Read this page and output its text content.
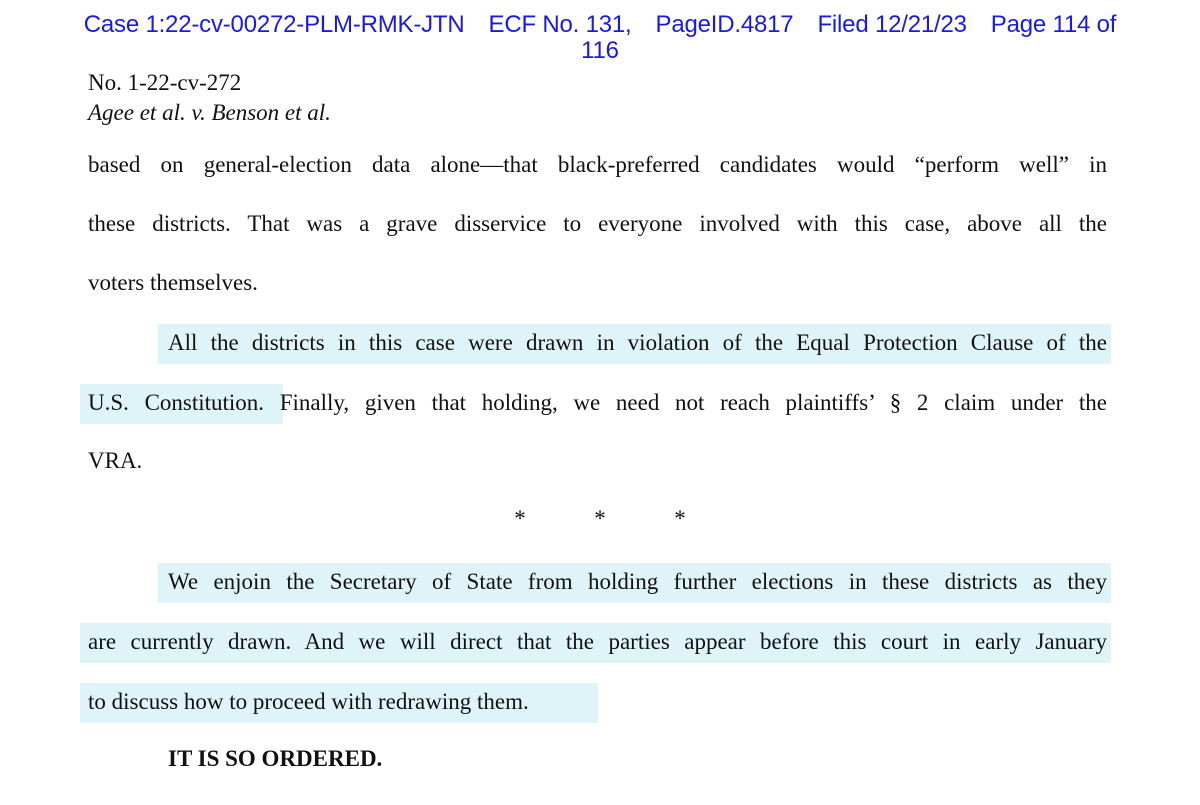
Case 1:22-cv-00272-PLM-RMK-JTN ECF No. 131, PageID.4817 Filed 12/21/23 Page 114 of
116
No. 1-22-cv-272
Agee et al. v. Benson et al.
based on general-election data alone—that black-preferred candidates would “perform well” in
these districts. That was a grave disservice to everyone involved with this case, above all the
voters themselves.
All the districts in this case were drawn in violation of the Equal Protection Clause of the
U.S. Constitution. Finally, given that holding, we need not reach plaintiffs’ § 2 claim under the
VRA.
*	*	*
We enjoin the Secretary of State from holding further elections in these districts as they
are currently drawn. And we will direct that the parties appear before this court in early January
to discuss how to proceed with redrawing them.
IT IS SO ORDERED.
